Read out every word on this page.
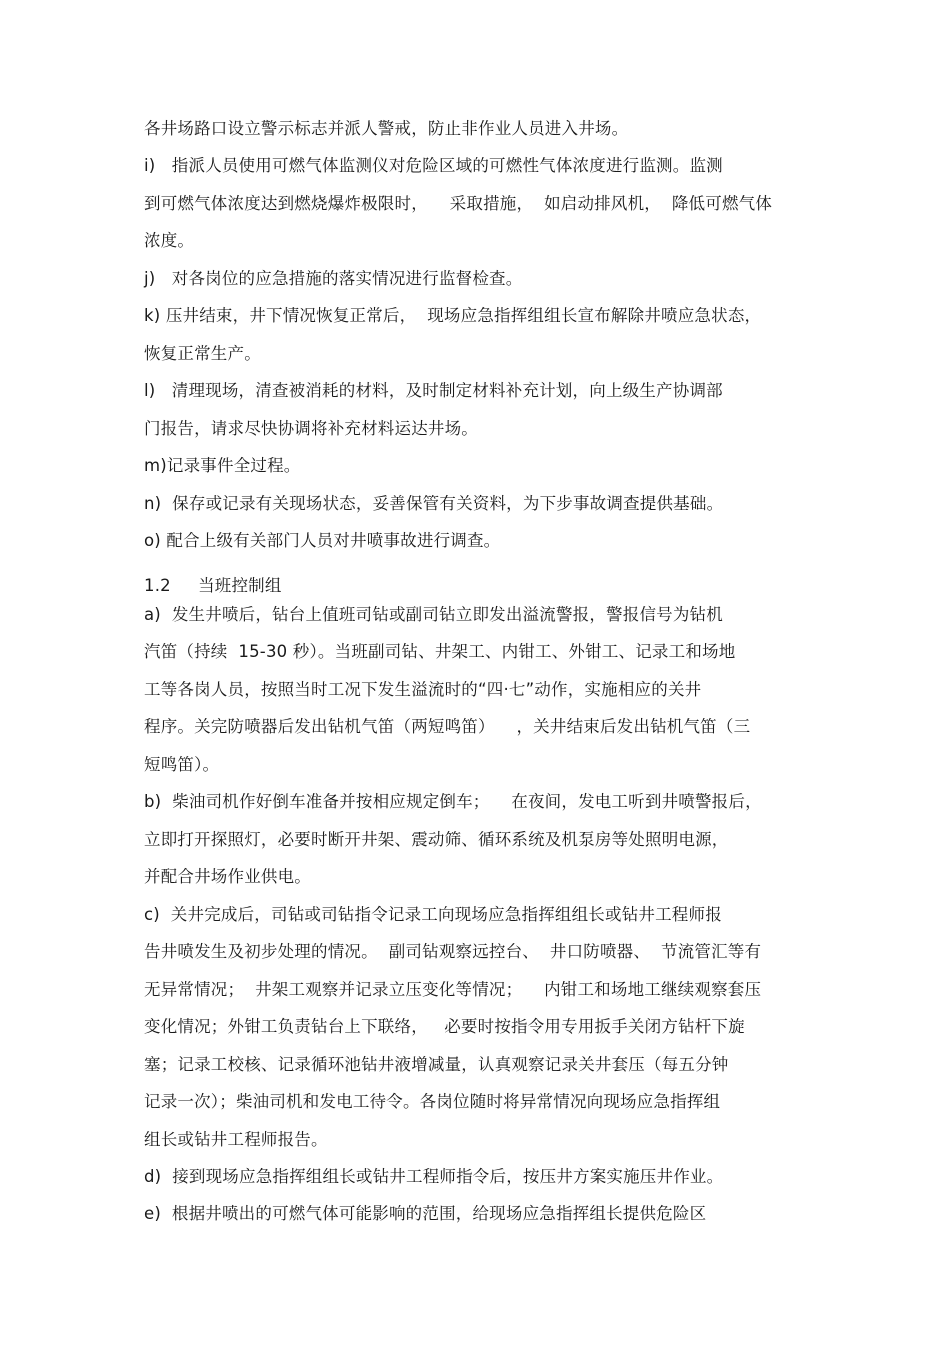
各井场路口设立警示标志并派人警戒，防止非作业人员进入井场。
i)   指派人员使用可燃气体监测仪对危险区域的可燃性气体浓度进行监测。监测
到可燃气体浓度达到燃烧爆炸极限时，    采取措施，  如启动排风机，  降低可燃气体
浓度。
j)   对各岗位的应急措施的落实情况进行监督检查。
k) 压井结束，井下情况恢复正常后，  现场应急指挥组组长宣布解除井喷应急状态，
恢复正常生产。
l)   清理现场，清查被消耗的材料，及时制定材料补充计划，向上级生产协调部
门报告，请求尽快协调将补充材料运达井场。
m)记录事件全过程。
n)  保存或记录有关现场状态，妥善保管有关资料，为下步事故调查提供基础。
o) 配合上级有关部门人员对井喷事故进行调查。
1.2     当班控制组
a)  发生井喷后，钻台上值班司钻或副司钻立即发出溢流警报，警报信号为钻机
汽笛（持续  15-30 秒）。当班副司钻、井架工、内钳工、外钳工、记录工和场地
工等各岗人员，按照当时工况下发生溢流时的“四·七”动作，实施相应的关井
程序。关完防喷器后发出钻机气笛（两短鸣笛）    ，关井结束后发出钻机气笛（三
短鸣笛）。
b)  柴油司机作好倒车准备并按相应规定倒车；    在夜间，发电工听到井喷警报后，
立即打开探照灯，必要时断开井架、震动筛、循环系统及机泵房等处照明电源，
并配合井场作业供电。
c)  关井完成后，司钻或司钻指令记录工向现场应急指挥组组长或钻井工程师报
告井喷发生及初步处理的情况。  副司钻观察远控台、  井口防喷器、  节流管汇等有
无异常情况；  井架工观察并记录立压变化等情况；    内钳工和场地工继续观察套压
变化情况；外钳工负责钻台上下联络，   必要时按指令用专用扳手关闭方钻杆下旋
塞；记录工校核、记录循环池钻井液增减量，认真观察记录关井套压（每五分钟
记录一次）；柴油司机和发电工待令。各岗位随时将异常情况向现场应急指挥组
组长或钻井工程师报告。
d)  接到现场应急指挥组组长或钻井工程师指令后，按压井方案实施压井作业。
e)  根据井喷出的可燃气体可能影响的范围，给现场应急指挥组长提供危险区
